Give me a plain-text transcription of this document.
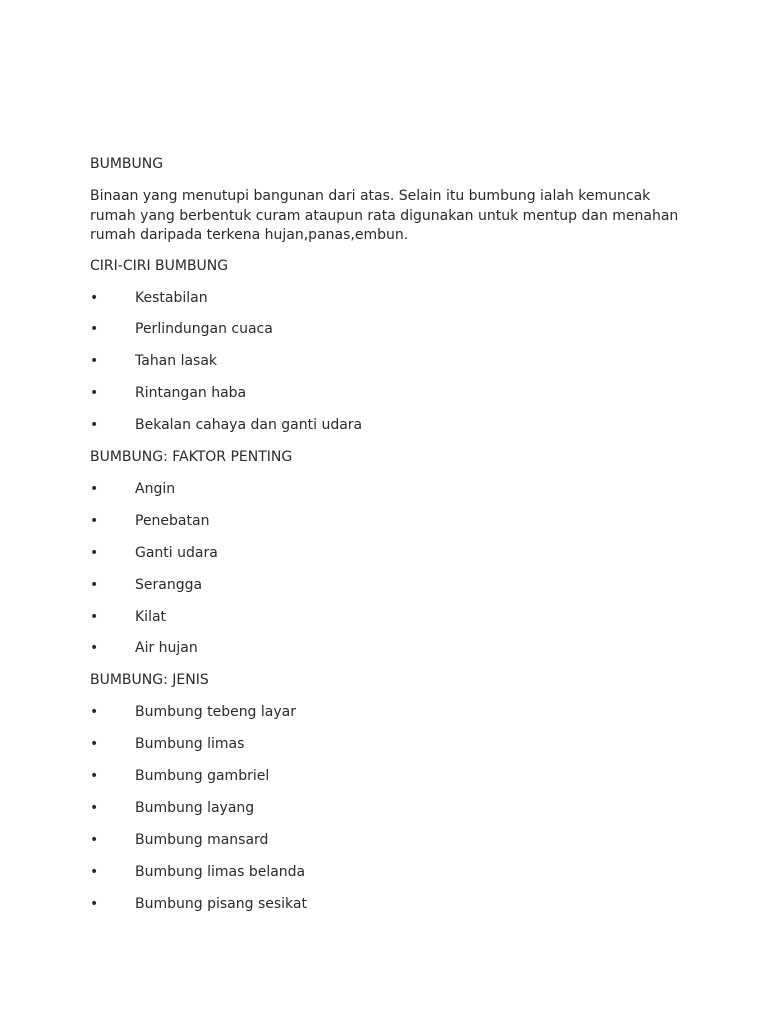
BUMBUNG
Binaan yang menutupi bangunan dari atas. Selain itu bumbung ialah kemuncak rumah yang berbentuk curam ataupun rata digunakan untuk mentup dan menahan rumah daripada terkena hujan,panas,embun.
CIRI-CIRI BUMBUNG
•	Kestabilan
•	Perlindungan cuaca
•	Tahan lasak
•	Rintangan haba
•	Bekalan cahaya dan ganti udara
BUMBUNG: FAKTOR PENTING
•	Angin
•	Penebatan
•	Ganti udara
•	Serangga
•	Kilat
•	Air hujan
BUMBUNG: JENIS
•	Bumbung tebeng layar
•	Bumbung limas
•	Bumbung gambriel
•	Bumbung layang
•	Bumbung mansard
•	Bumbung limas belanda
•	Bumbung pisang sesikat
